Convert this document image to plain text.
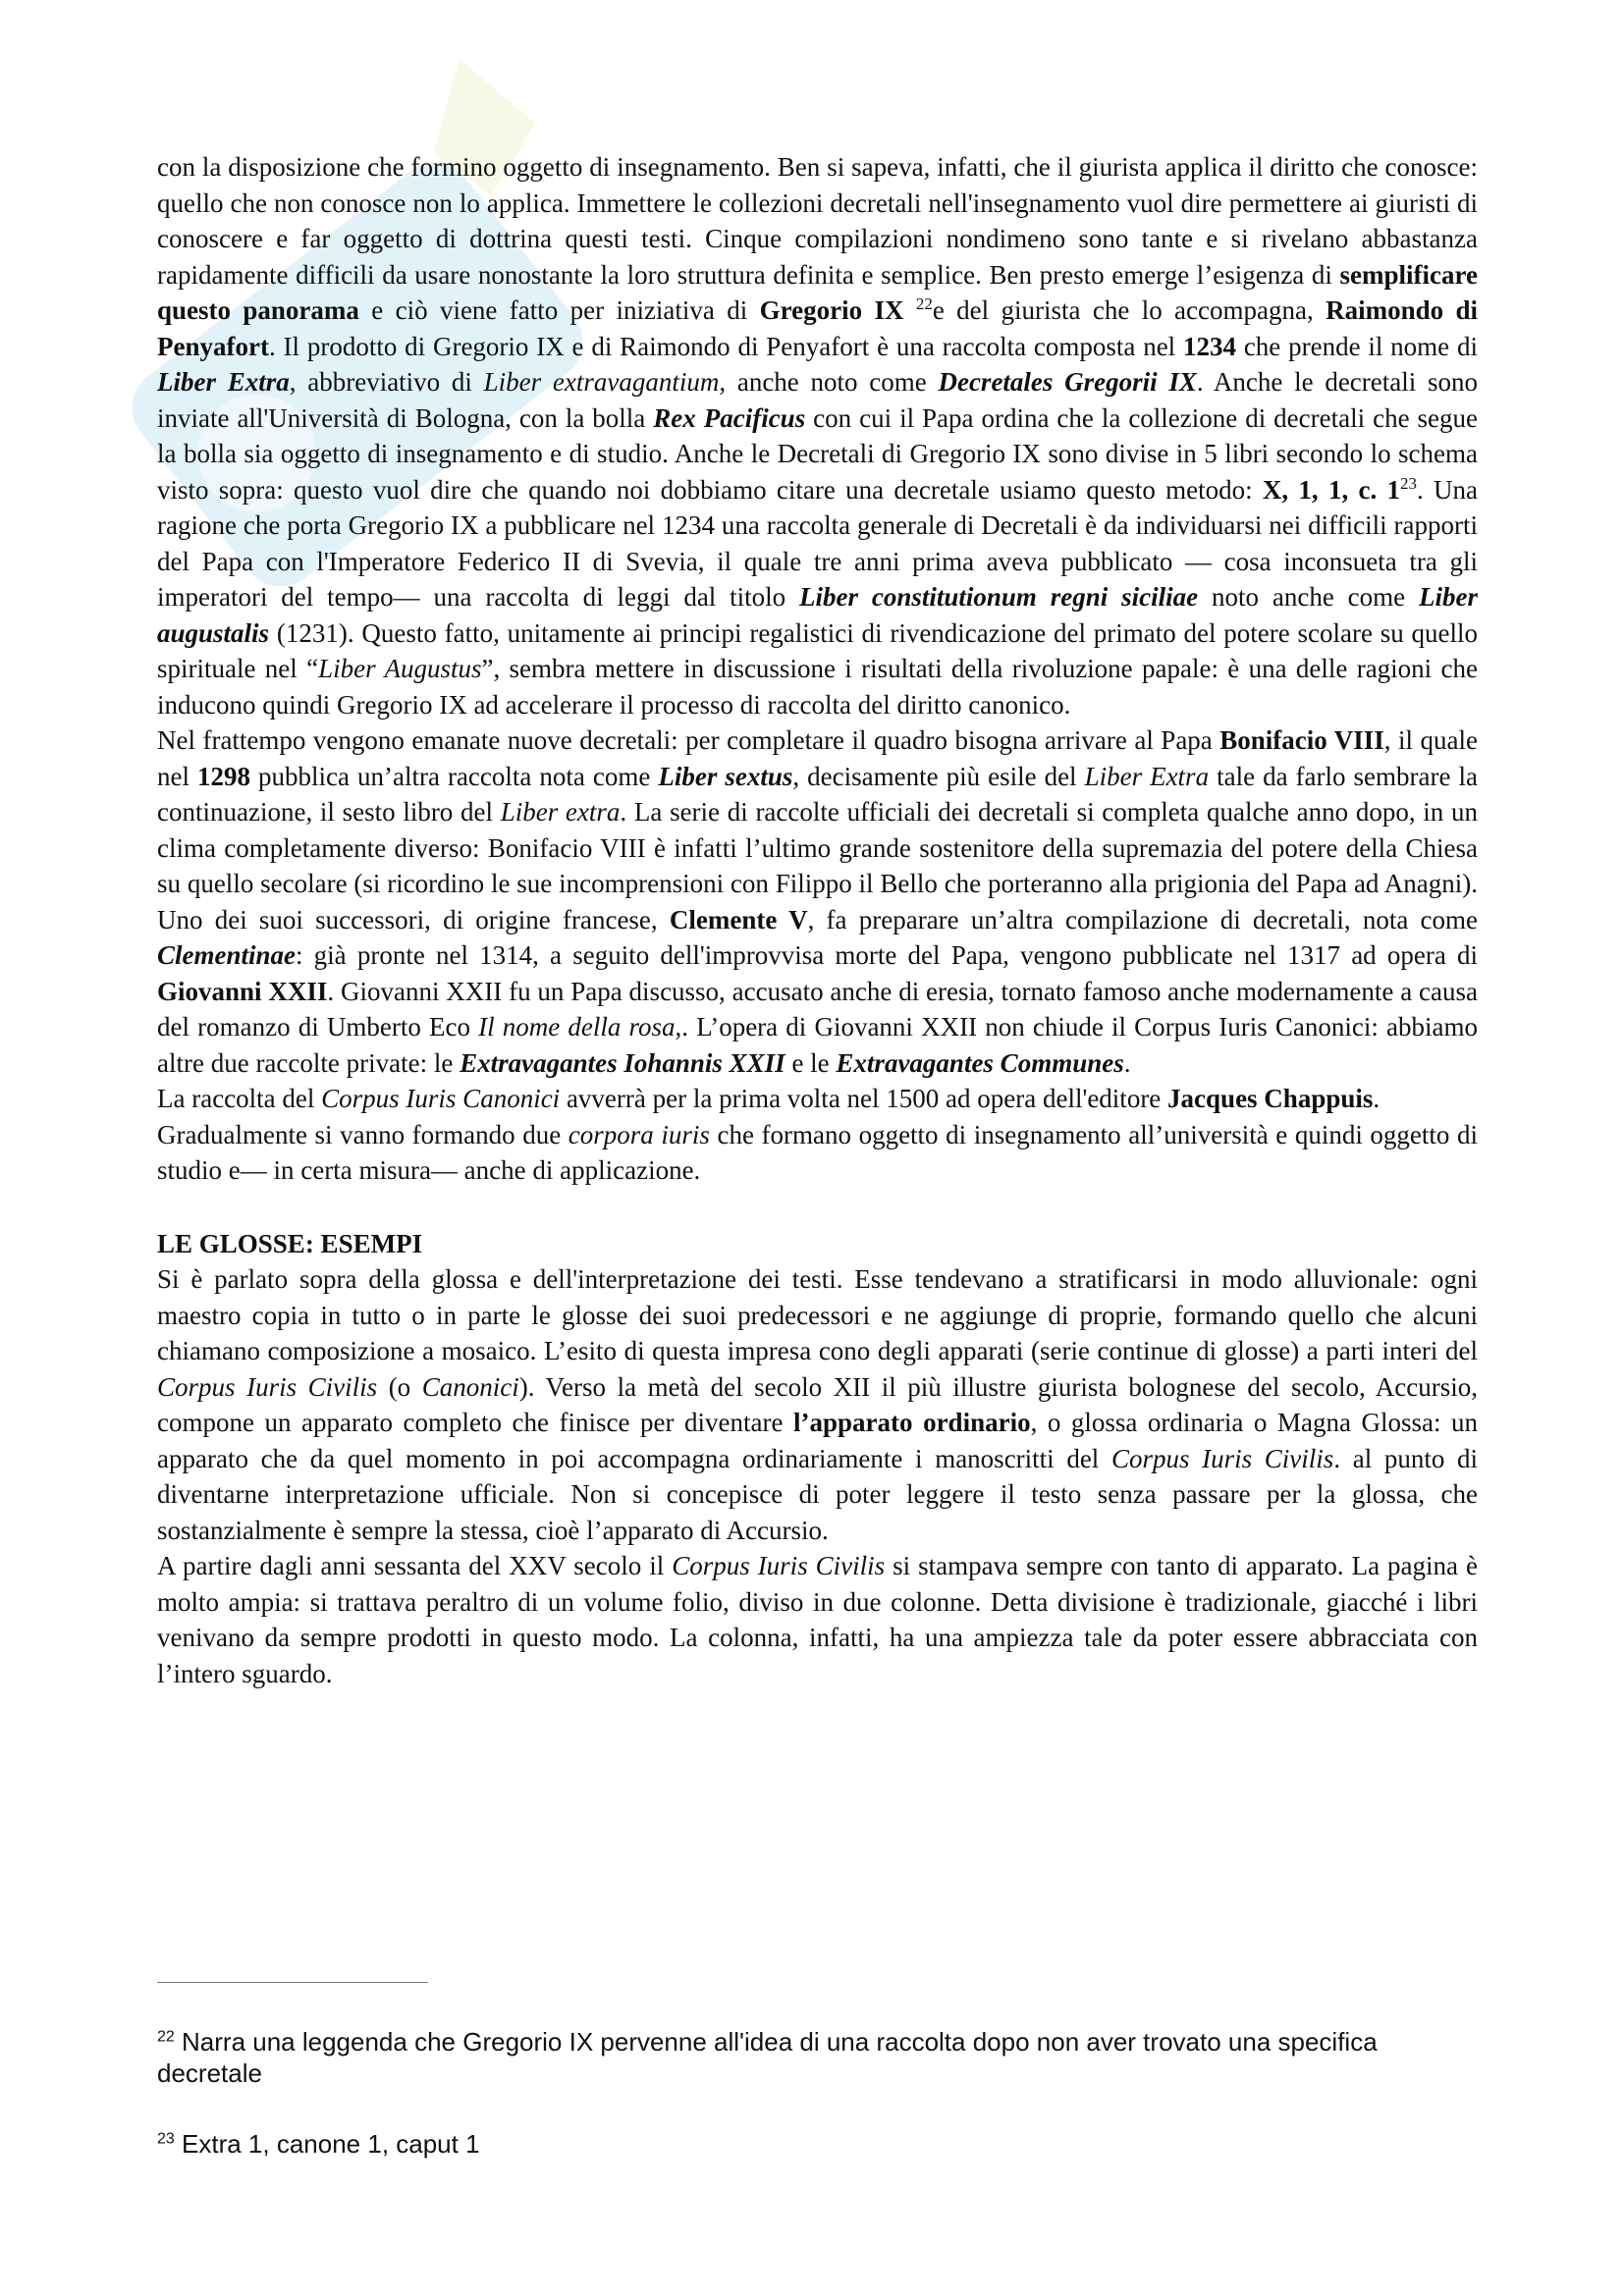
con la disposizione che formino oggetto di insegnamento. Ben si sapeva, infatti, che il giurista applica il diritto che conosce: quello che non conosce non lo applica. Immettere le collezioni decretali nell'insegnamento vuol dire permettere ai giuristi di conoscere e far oggetto di dottrina questi testi. Cinque compilazioni nondimeno sono tante e si rivelano abbastanza rapidamente difficili da usare nonostante la loro struttura definita e semplice. Ben presto emerge l’esigenza di semplificare questo panorama e ciò viene fatto per iniziativa di Gregorio IX $^{22}$e del giurista che lo accompagna, Raimondo di Penyafort. Il prodotto di Gregorio IX e di Raimondo di Penyafort è una raccolta composta nel 1234 che prende il nome di Liber Extra, abbreviativo di Liber extravagantium, anche noto come Decretales Gregorii IX. Anche le decretali sono inviate all'Università di Bologna, con la bolla Rex Pacificus con cui il Papa ordina che la collezione di decretali che segue la bolla sia oggetto di insegnamento e di studio. Anche le Decretali di Gregorio IX sono divise in 5 libri secondo lo schema visto sopra: questo vuol dire che quando noi dobbiamo citare una decretale usiamo questo metodo: X, 1, 1, c. $1^{23}$. Una ragione che porta Gregorio IX a pubblicare nel 1234 una raccolta generale di Decretali è da individuarsi nei difficili rapporti del Papa con l'Imperatore Federico II di Svevia, il quale tre anni prima aveva pubblicato — cosa inconsueta tra gli imperatori del tempo— una raccolta di leggi dal titolo Liber constitutionum regni siciliae noto anche come Liber augustalis (1231). Questo fatto, unitamente ai principi regalistici di rivendicazione del primato del potere scolare su quello spirituale nel “Liber Augustus”, sembra mettere in discussione i risultati della rivoluzione papale: è una delle ragioni che inducono quindi Gregorio IX ad accelerare il processo di raccolta del diritto canonico.

Nel frattempo vengono emanate nuove decretali: per completare il quadro bisogna arrivare al Papa Bonifacio VIII, il quale nel 1298 pubblica un’altra raccolta nota come Liber sextus, decisamente più esile del Liber Extra tale da farlo sembrare la continuazione, il sesto libro del Liber extra. La serie di raccolte ufficiali dei decretali si completa qualche anno dopo, in un clima completamente diverso: Bonifacio VIII è infatti l’ultimo grande sostenitore della supremazia del potere della Chiesa su quello secolare (si ricordino le sue incomprensioni con Filippo il Bello che porteranno alla prigionia del Papa ad Anagni). Uno dei suoi successori, di origine francese, Clemente V, fa preparare un’altra compilazione di decretali, nota come Clementinae: già pronte nel 1314, a seguito dell'improvvisa morte del Papa, vengono pubblicate nel 1317 ad opera di Giovanni XXII. Giovanni XXII fu un Papa discusso, accusato anche di eresia, tornato famoso anche modernamente a causa del romanzo di Umberto Eco Il nome della rosa,. L’opera di Giovanni XXII non chiude il Corpus Iuris Canonici: abbiamo altre due raccolte private: le Extravagantes Iohannis XXII e le Extravagantes Communes.

La raccolta del Corpus Iuris Canonici avverrà per la prima volta nel 1500 ad opera dell'editore Jacques Chappuis.

Gradualmente si vanno formando due corpora iuris che formano oggetto di insegnamento all’università e quindi oggetto di studio e— in certa misura— anche di applicazione.

LE GLOSSE: ESEMPI

Si è parlato sopra della glossa e dell'interpretazione dei testi. Esse tendevano a stratificarsi in modo alluvionale: ogni maestro copia in tutto o in parte le glosse dei suoi predecessori e ne aggiunge di proprie, formando quello che alcuni chiamano composizione a mosaico. L’esito di questa impresa cono degli apparati (serie continue di glosse) a parti interi del Corpus Iuris Civilis (o Canonici). Verso la metà del secolo XII il più illustre giurista bolognese del secolo, Accursio, compone un apparato completo che finisce per diventare l’apparato ordinario, o glossa ordinaria o Magna Glossa: un apparato che da quel momento in poi accompagna ordinariamente i manoscritti del Corpus Iuris Civilis. al punto di diventarne interpretazione ufficiale. Non si concepisce di poter leggere il testo senza passare per la glossa, che sostanzialmente è sempre la stessa, cioè l’apparato di Accursio.

A partire dagli anni sessanta del XXV secolo il Corpus Iuris Civilis si stampava sempre con tanto di apparato. La pagina è molto ampia: si trattava peraltro di un volume folio, diviso in due colonne. Detta divisione è tradizionale, giacché i libri venivano da sempre prodotti in questo modo. La colonna, infatti, ha una ampiezza tale da poter essere abbracciata con l’intero sguardo.

$^{22}$ Narra una leggenda che Gregorio IX pervenne all'idea di una raccolta dopo non aver trovato una specifica decretale
$^{23}$ Extra 1, canone 1, caput 1
